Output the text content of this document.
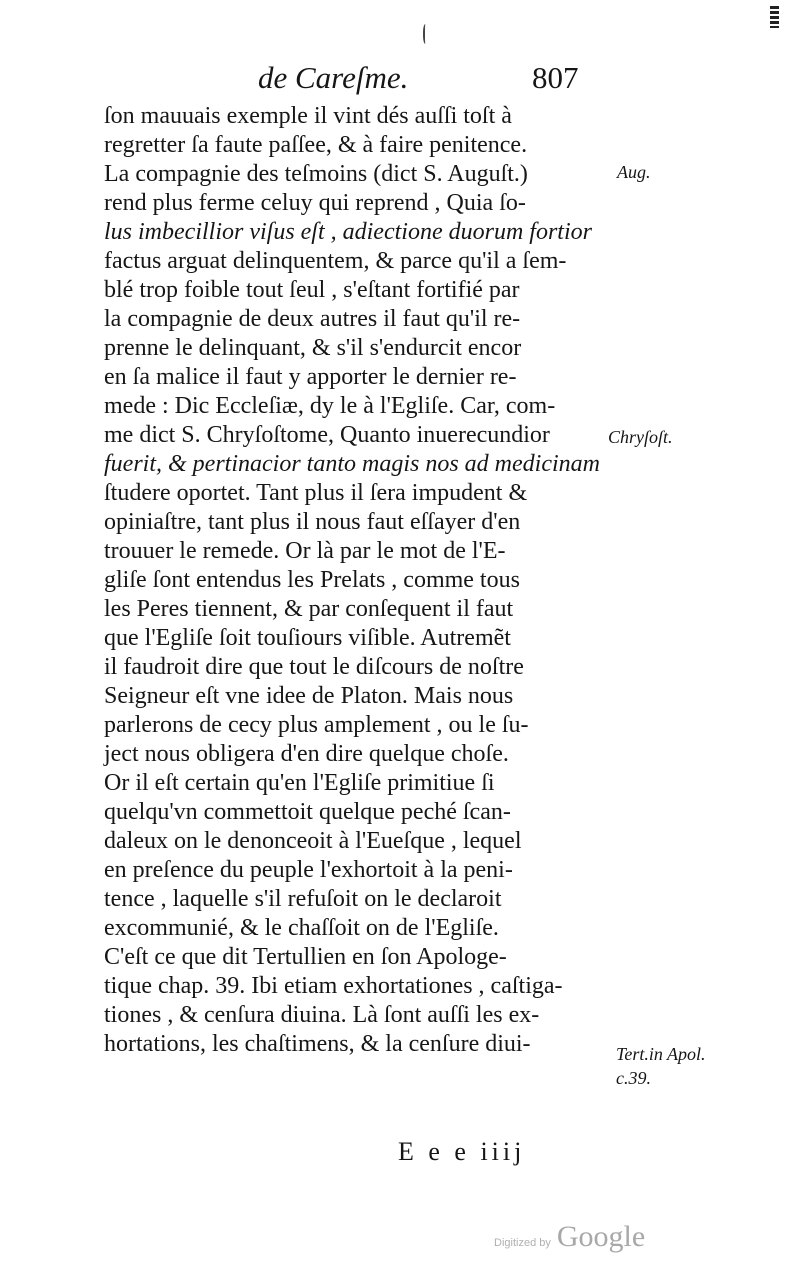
de Careſme.	807
ſon mauuais exemple il vint dés auſſi toſt à
regretter ſa faute paſſee, & à faire penitence.
La compagnie des teſmoins (dict S. Auguſt.)
rend plus ferme celuy qui reprend , Quia ſo-
lus imbecillior viſus eſt , adiectione duorum fortior
factus arguat delinquentem, & parce qu'il a ſem-
blé trop foible tout ſeul , s'eſtant fortifié par
la compagnie de deux autres il faut qu'il re-
prenne le delinquant, & s'il s'endurcit encor
en ſa malice il faut y apporter le dernier re-
mede : Dic Eccleſiæ, dy le à l'Egliſe. Car, com-
me dict S. Chryſoſtome, Quanto inuerecundior
fuerit, & pertinacior tanto magis nos ad medicinam
ſtudere oportet. Tant plus il ſera impudent &
opiniaſtre, tant plus il nous faut eſſayer d'en
trouuer le remede. Or là par le mot de l'E-
gliſe ſont entendus les Prelats , comme tous
les Peres tiennent, & par conſequent il faut
que l'Egliſe ſoit touſiours viſible. Autremẽt
il faudroit dire que tout le diſcours de noſtre
Seigneur eſt vne idee de Platon. Mais nous
parlerons de cecy plus amplement , ou le ſu-
ject nous obligera d'en dire quelque choſe.
Or il eſt certain qu'en l'Egliſe primitiue ſi
quelqu'vn commettoit quelque peché ſcan-
daleux on le denonceoit à l'Eueſque , lequel
en preſence du peuple l'exhortoit à la peni-
tence , laquelle s'il refuſoit on le declaroit
excommunié, & le chaſſoit on de l'Egliſe.
C'eſt ce que dit Tertullien en ſon Apologe-
tique chap. 39. Ibi etiam exhortationes , caſtiga-
tiones , & cenſura diuina. Là ſont auſſi les ex-
hortations, les chaſtimens, & la cenſure diui-
Aug.
Chryſoſt.
Tert.in Apol.
c.39.
E e e iiij
Digitized by Google
